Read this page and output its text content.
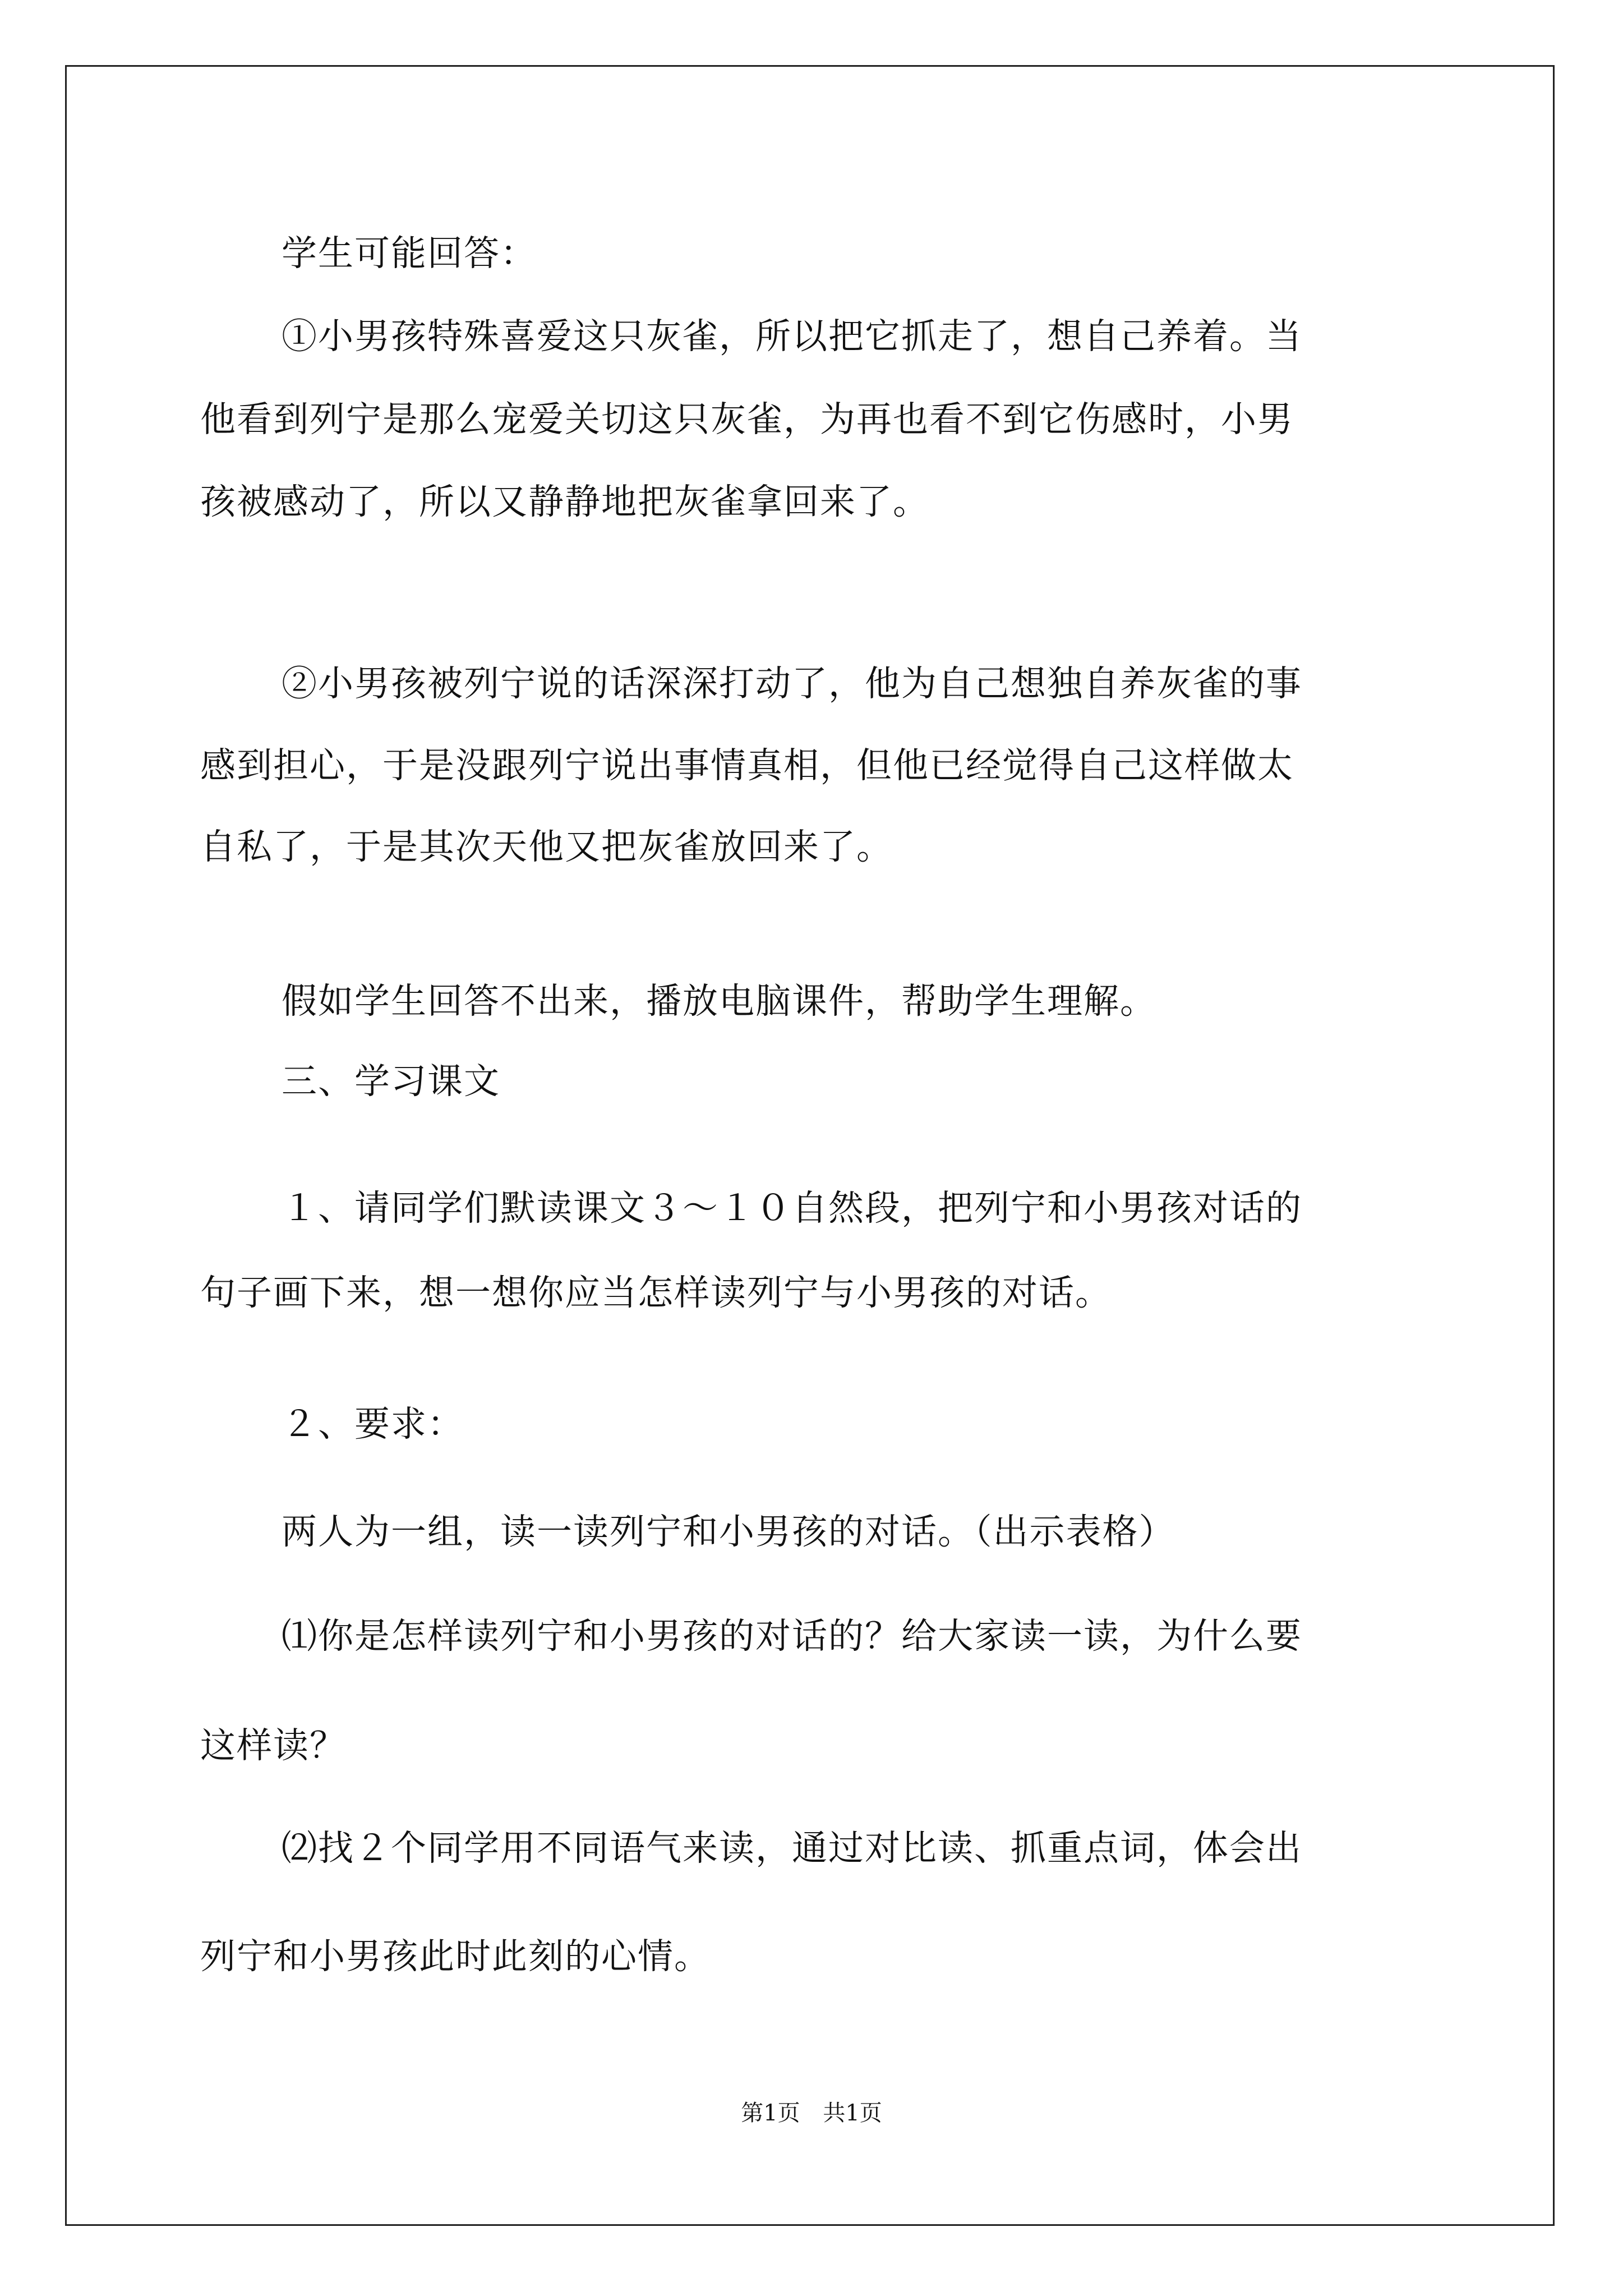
学生可能回答：
①小男孩特殊喜爱这只灰雀，所以把它抓走了，想自己养着。当
他看到列宁是那么宠爱关切这只灰雀，为再也看不到它伤感时，小男
孩被感动了，所以又静静地把灰雀拿回来了。
②小男孩被列宁说的话深深打动了，他为自己想独自养灰雀的事
感到担心，于是没跟列宁说出事情真相，但他已经觉得自己这样做太
自私了，于是其次天他又把灰雀放回来了。
假如学生回答不出来，播放电脑课件，帮助学生理解。
三、学习课文
１、请同学们默读课文３～１０自然段，把列宁和小男孩对话的
句子画下来，想一想你应当怎样读列宁与小男孩的对话。
２、要求：
两人为一组，读一读列宁和小男孩的对话。（出示表格）
⑴你是怎样读列宁和小男孩的对话的？给大家读一读，为什么要
这样读？
⑵找２个同学用不同语气来读，通过对比读、抓重点词，体会出
列宁和小男孩此时此刻的心情。
第1页 共1页
